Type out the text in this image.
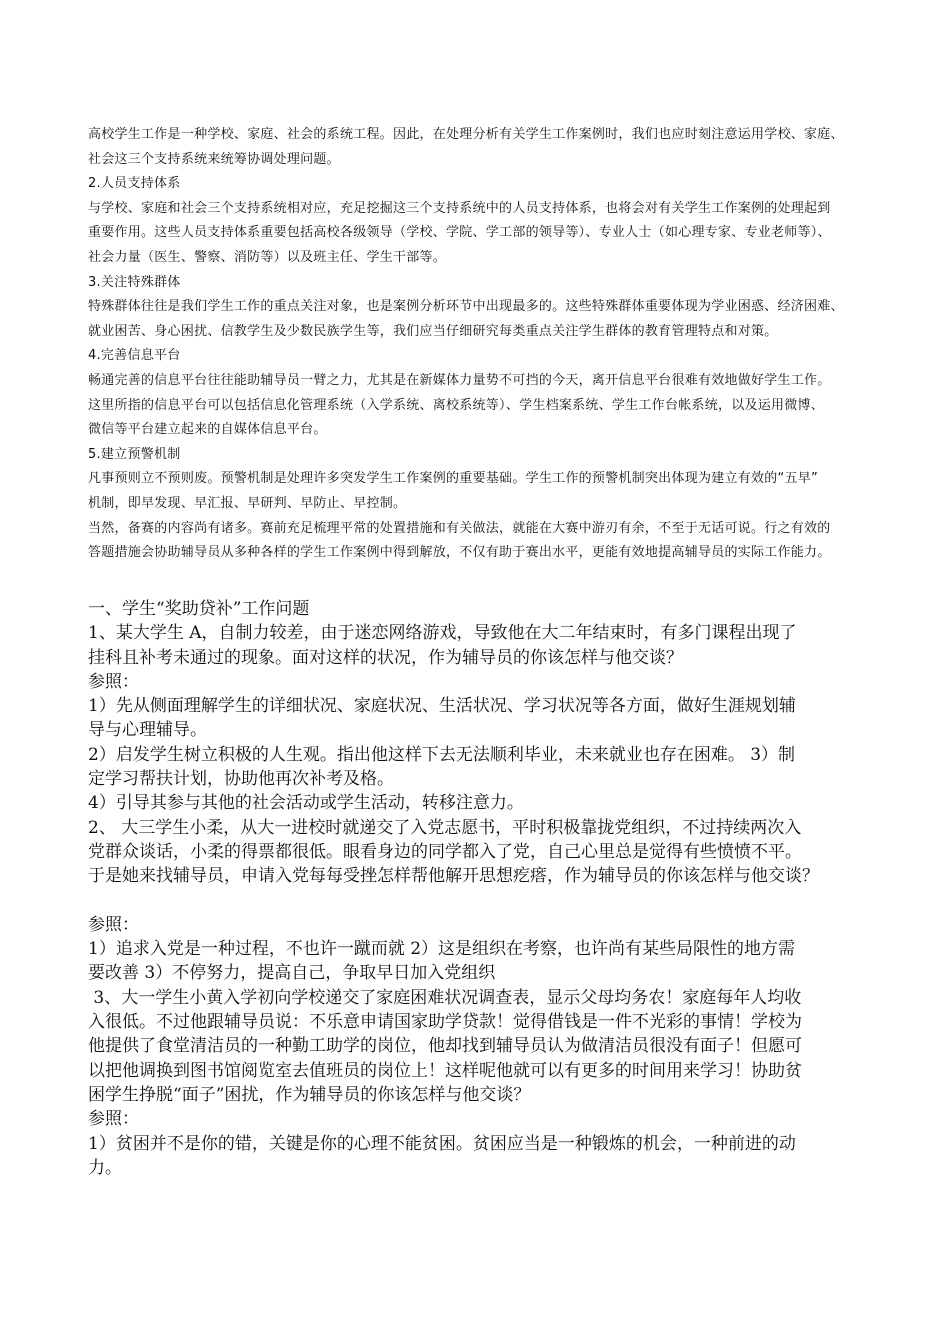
高校学生工作是一种学校、家庭、社会的系统工程。因此，在处理分析有关学生工作案例时，我们也应时刻注意运用学校、家庭、
社会这三个支持系统来统筹协调处理问题。
2.人员支持体系
与学校、家庭和社会三个支持系统相对应，充足挖掘这三个支持系统中的人员支持体系，也将会对有关学生工作案例的处理起到
重要作用。这些人员支持体系重要包括高校各级领导（学校、学院、学工部的领导等）、专业人士（如心理专家、专业老师等）、
社会力量（医生、警察、消防等）以及班主任、学生干部等。
3.关注特殊群体
特殊群体往往是我们学生工作的重点关注对象，也是案例分析环节中出现最多的。这些特殊群体重要体现为学业困惑、经济困难、
就业困苦、身心困扰、信教学生及少数民族学生等，我们应当仔细研究每类重点关注学生群体的教育管理特点和对策。
4.完善信息平台
畅通完善的信息平台往往能助辅导员一臂之力，尤其是在新媒体力量势不可挡的今天，离开信息平台很难有效地做好学生工作。
这里所指的信息平台可以包括信息化管理系统（入学系统、离校系统等）、学生档案系统、学生工作台帐系统，以及运用微博、
微信等平台建立起来的自媒体信息平台。
5.建立预警机制
凡事预则立不预则废。预警机制是处理许多突发学生工作案例的重要基础。学生工作的预警机制突出体现为建立有效的“五早”
机制，即早发现、早汇报、早研判、早防止、早控制。
当然，备赛的内容尚有诸多。赛前充足梳理平常的处置措施和有关做法，就能在大赛中游刃有余，不至于无话可说。行之有效的
答题措施会协助辅导员从多种各样的学生工作案例中得到解放，不仅有助于赛出水平，更能有效地提高辅导员的实际工作能力。
一、学生“奖助贷补”工作问题
1、某大学生 A，自制力较差，由于迷恋网络游戏，导致他在大二年结束时，有多门课程出现了
挂科且补考未通过的现象。面对这样的状况，作为辅导员的你该怎样与他交谈？
参照：
1）先从侧面理解学生的详细状况、家庭状况、生活状况、学习状况等各方面，做好生涯规划辅
导与心理辅导。
2）启发学生树立积极的人生观。指出他这样下去无法顺利毕业，未来就业也存在困难。 3）制
定学习帮扶计划，协助他再次补考及格。
4）引导其参与其他的社会活动或学生活动，转移注意力。
2、 大三学生小柔，从大一进校时就递交了入党志愿书，平时积极靠拢党组织，不过持续两次入
党群众谈话，小柔的得票都很低。眼看身边的同学都入了党，自己心里总是觉得有些愤愤不平。
于是她来找辅导员，申请入党每每受挫怎样帮他解开思想疙瘩，作为辅导员的你该怎样与他交谈？
参照：
1）追求入党是一种过程，不也许一蹴而就 2）这是组织在考察，也许尚有某些局限性的地方需
要改善 3）不停努力，提高自己，争取早日加入党组织
3、大一学生小黄入学初向学校递交了家庭困难状况调查表，显示父母均务农！家庭每年人均收
入很低。不过他跟辅导员说：不乐意申请国家助学贷款！觉得借钱是一件不光彩的事情！学校为
他提供了食堂清洁员的一种勤工助学的岗位，他却找到辅导员认为做清洁员很没有面子！但愿可
以把他调换到图书馆阅览室去值班员的岗位上！这样呢他就可以有更多的时间用来学习！协助贫
困学生挣脱“面子”困扰，作为辅导员的你该怎样与他交谈？
参照：
1）贫困并不是你的错，关键是你的心理不能贫困。贫困应当是一种锻炼的机会，一种前进的动
力。
